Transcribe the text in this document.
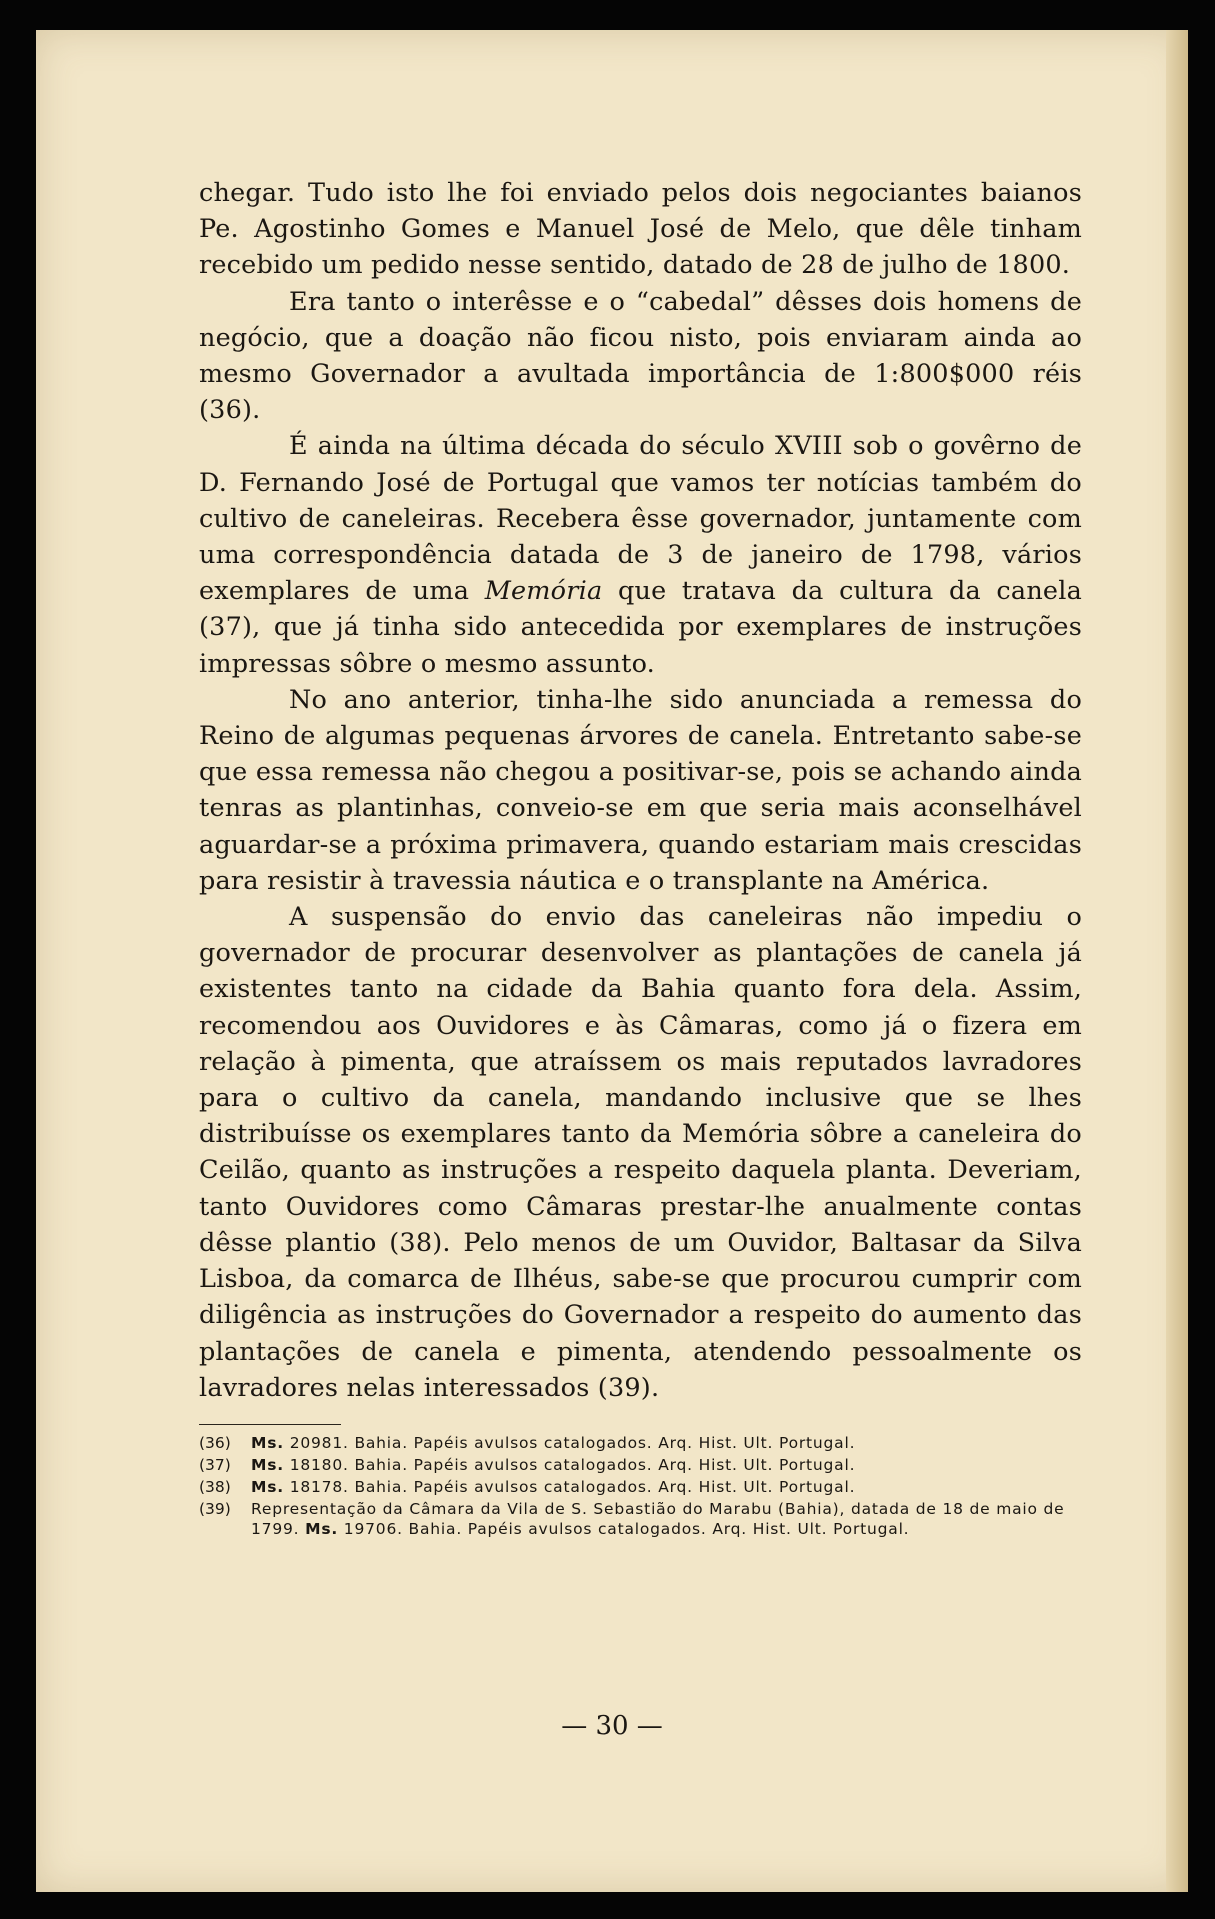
chegar. Tudo isto lhe foi enviado pelos dois negociantes baianos Pe. Agostinho Gomes e Manuel José de Melo, que dêle tinham recebido um pedido nesse sentido, datado de 28 de julho de 1800.

Era tanto o interêsse e o “cabedal” dêsses dois homens de negócio, que a doação não ficou nisto, pois enviaram ainda ao mesmo Governador a avultada importância de 1:800$000 réis (36).

É ainda na última década do século XVIII sob o govêrno de D. Fernando José de Portugal que vamos ter notícias também do cultivo de caneleiras. Recebera êsse governador, juntamente com uma correspondência datada de 3 de janeiro de 1798, vários exemplares de uma Memória que tratava da cultura da canela (37), que já tinha sido antecedida por exemplares de instruções impressas sôbre o mesmo assunto.

No ano anterior, tinha-lhe sido anunciada a remessa do Reino de algumas pequenas árvores de canela. Entretanto sabe-se que essa remessa não chegou a positivar-se, pois se achando ainda tenras as plantinhas, conveio-se em que seria mais aconselhável aguardar-se a próxima primavera, quando estariam mais crescidas para resistir à travessia náutica e o transplante na América.

A suspensão do envio das caneleiras não impediu o governador de procurar desenvolver as plantações de canela já existentes tanto na cidade da Bahia quanto fora dela. Assim, recomendou aos Ouvidores e às Câmaras, como já o fizera em relação à pimenta, que atraíssem os mais reputados lavradores para o cultivo da canela, mandando inclusive que se lhes distribuísse os exemplares tanto da Memória sôbre a caneleira do Ceilão, quanto as instruções a respeito daquela planta. Deveriam, tanto Ouvidores como Câmaras prestar-lhe anualmente contas dêsse plantio (38). Pelo menos de um Ouvidor, Baltasar da Silva Lisboa, da comarca de Ilhéus, sabe-se que procurou cumprir com diligência as instruções do Governador a respeito do aumento das plantações de canela e pimenta, atendendo pessoalmente os lavradores nelas interessados (39).

(36)	Ms. 20981. Bahia. Papéis avulsos catalogados. Arq. Hist. Ult. Portugal.
(37)	Ms. 18180. Bahia. Papéis avulsos catalogados. Arq. Hist. Ult. Portugal.
(38)	Ms. 18178. Bahia. Papéis avulsos catalogados. Arq. Hist. Ult. Portugal.
(39)	Representação da Câmara da Vila de S. Sebastião do Marabu (Bahia), datada de 18 de maio de 1799. Ms. 19706. Bahia. Papéis avulsos catalogados. Arq. Hist. Ult. Portugal.
— 30 —
